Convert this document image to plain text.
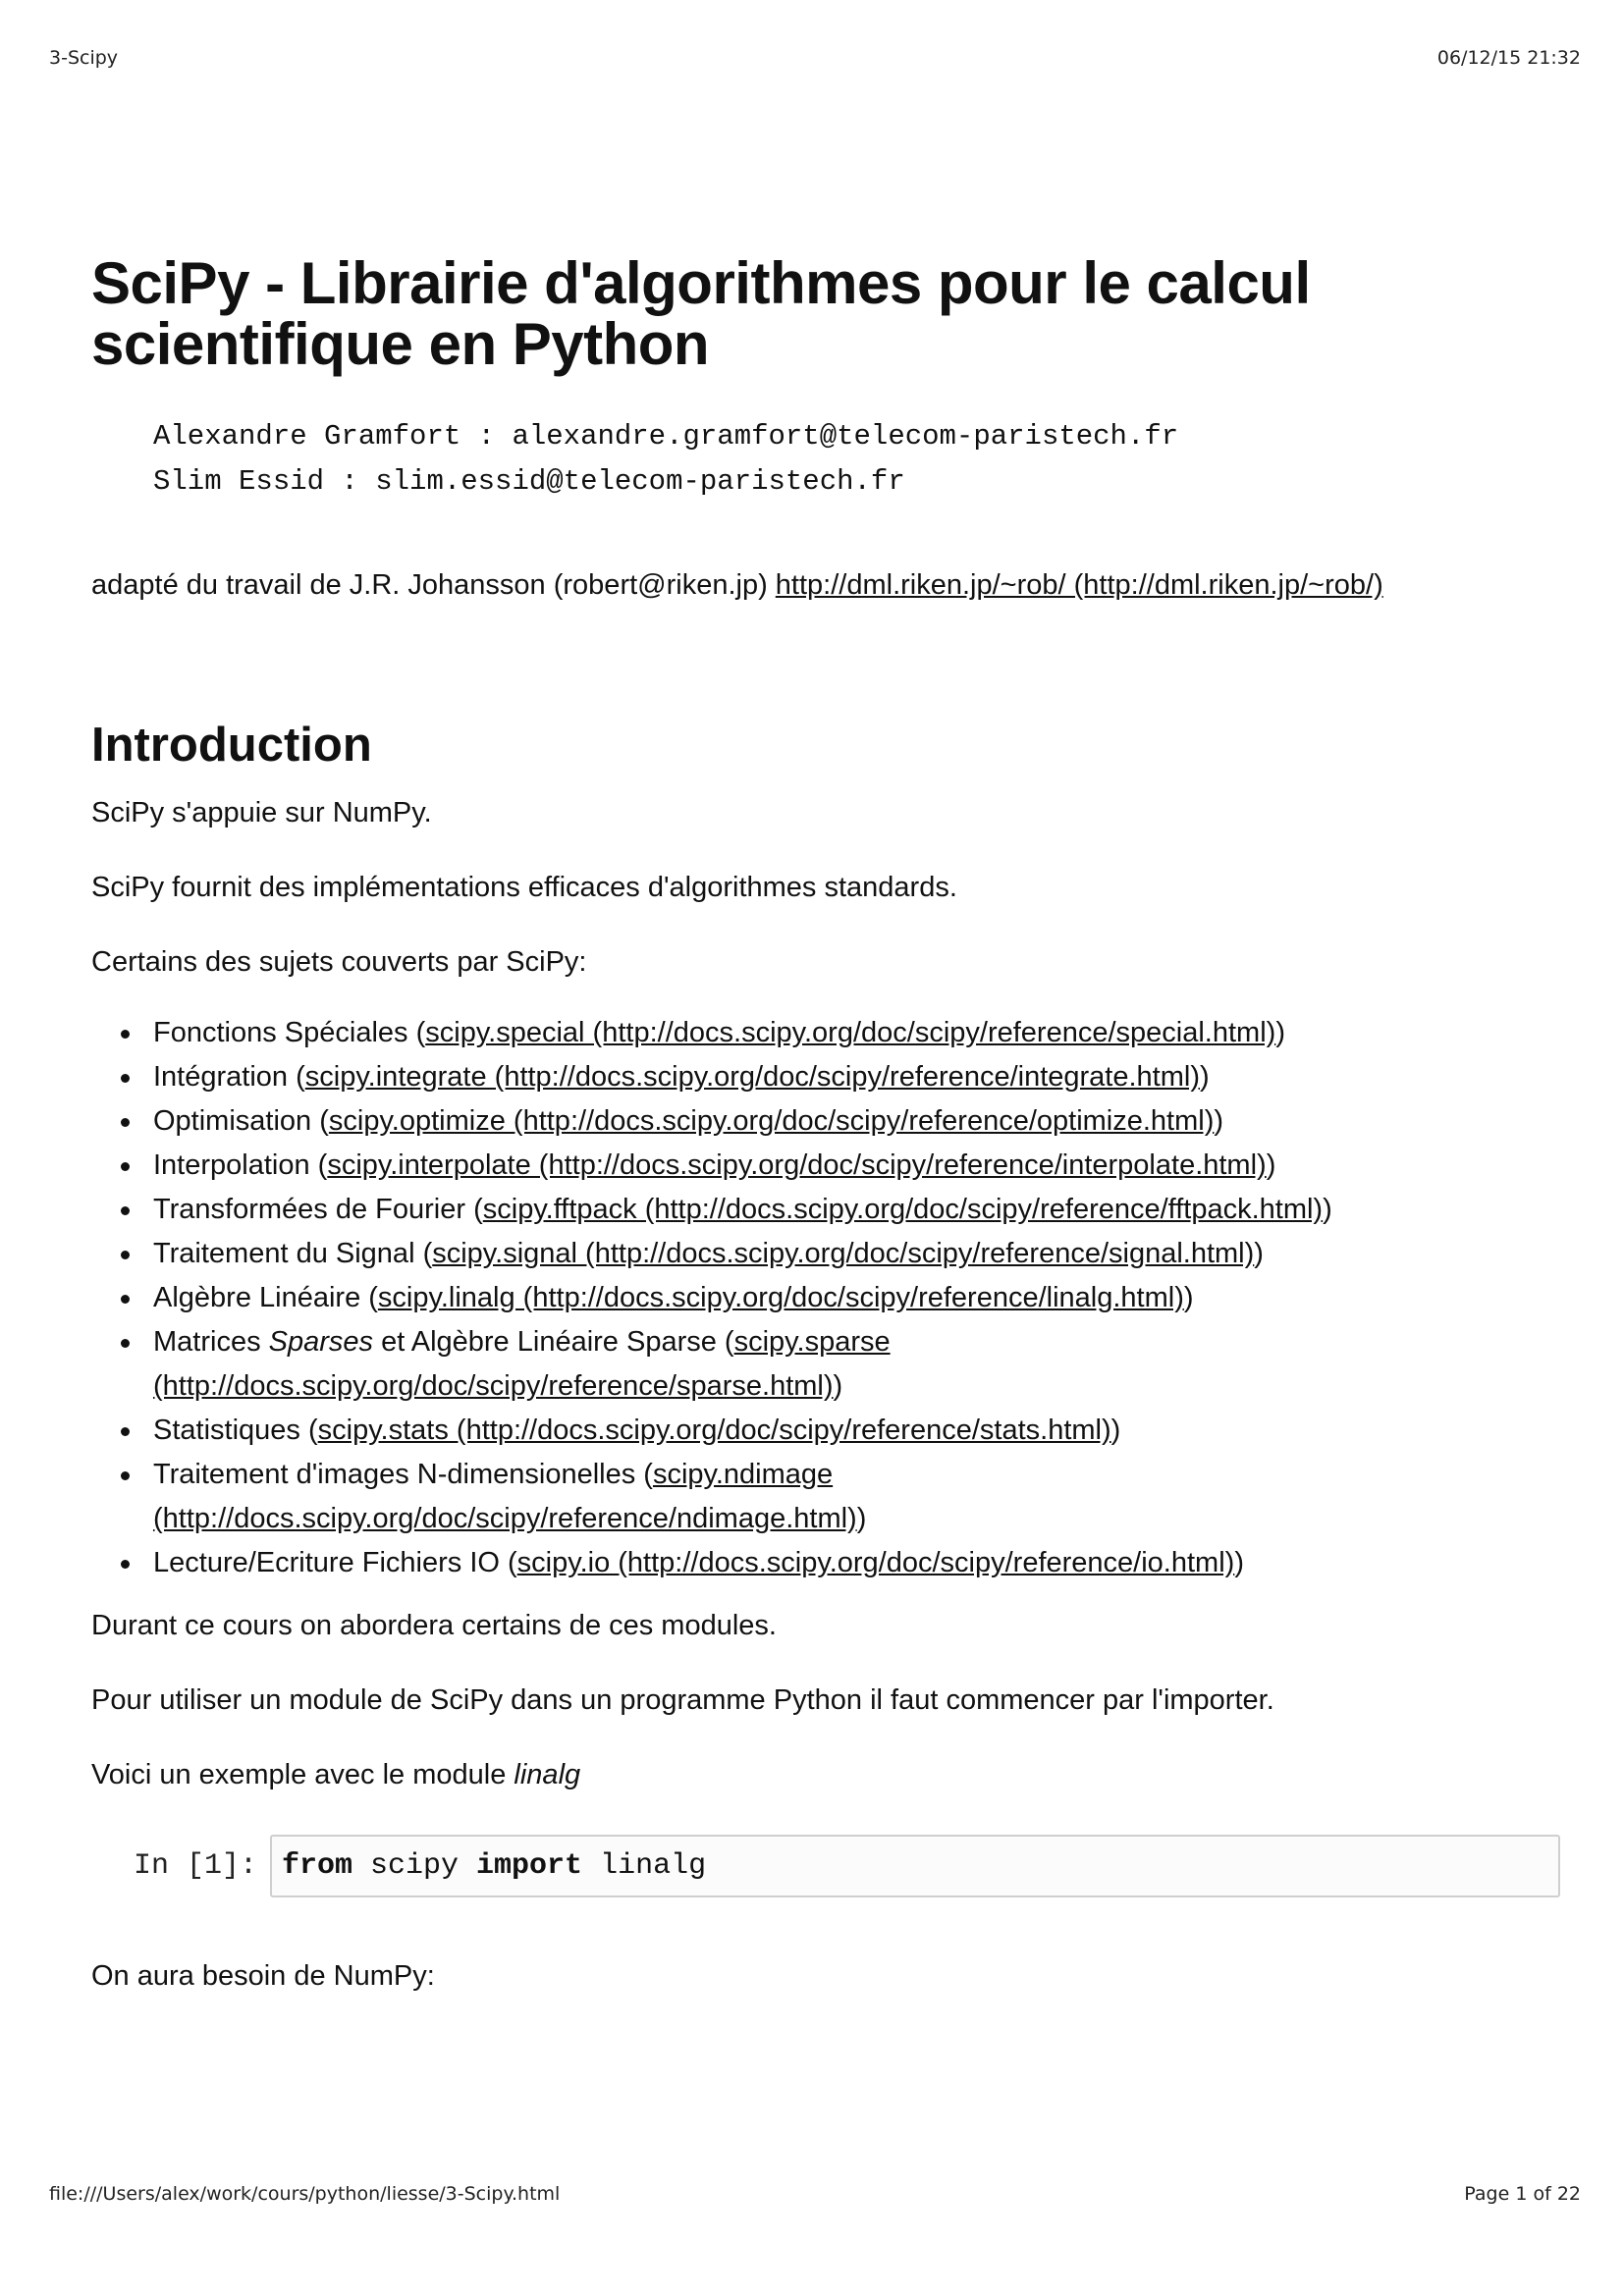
3-Scipy	06/12/15 21:32
SciPy - Librairie d'algorithmes pour le calcul
scientifique en Python
Alexandre Gramfort : alexandre.gramfort@telecom-paristech.fr
Slim Essid : slim.essid@telecom-paristech.fr

adapté du travail de J.R. Johansson (robert@riken.jp) http://dml.riken.jp/~rob/ (http://dml.riken.jp/~rob/)

Introduction

SciPy s'appuie sur NumPy.

SciPy fournit des implémentations efficaces d'algorithmes standards.

Certains des sujets couverts par SciPy:

Fonctions Spéciales (scipy.special (http://docs.scipy.org/doc/scipy/reference/special.html))
Intégration (scipy.integrate (http://docs.scipy.org/doc/scipy/reference/integrate.html))
Optimisation (scipy.optimize (http://docs.scipy.org/doc/scipy/reference/optimize.html))
Interpolation (scipy.interpolate (http://docs.scipy.org/doc/scipy/reference/interpolate.html))
Transformées de Fourier (scipy.fftpack (http://docs.scipy.org/doc/scipy/reference/fftpack.html))
Traitement du Signal (scipy.signal (http://docs.scipy.org/doc/scipy/reference/signal.html))
Algèbre Linéaire (scipy.linalg (http://docs.scipy.org/doc/scipy/reference/linalg.html))
Matrices Sparses et Algèbre Linéaire Sparse (scipy.sparse
(http://docs.scipy.org/doc/scipy/reference/sparse.html))
Statistiques (scipy.stats (http://docs.scipy.org/doc/scipy/reference/stats.html))
Traitement d'images N-dimensionelles (scipy.ndimage
(http://docs.scipy.org/doc/scipy/reference/ndimage.html))
Lecture/Ecriture Fichiers IO (scipy.io (http://docs.scipy.org/doc/scipy/reference/io.html))

Durant ce cours on abordera certains de ces modules.

Pour utiliser un module de SciPy dans un programme Python il faut commencer par l'importer.

Voici un exemple avec le module linalg

In [1]: from scipy import linalg

On aura besoin de NumPy:

file:///Users/alex/work/cours/python/liesse/3-Scipy.html	Page 1 of 22
